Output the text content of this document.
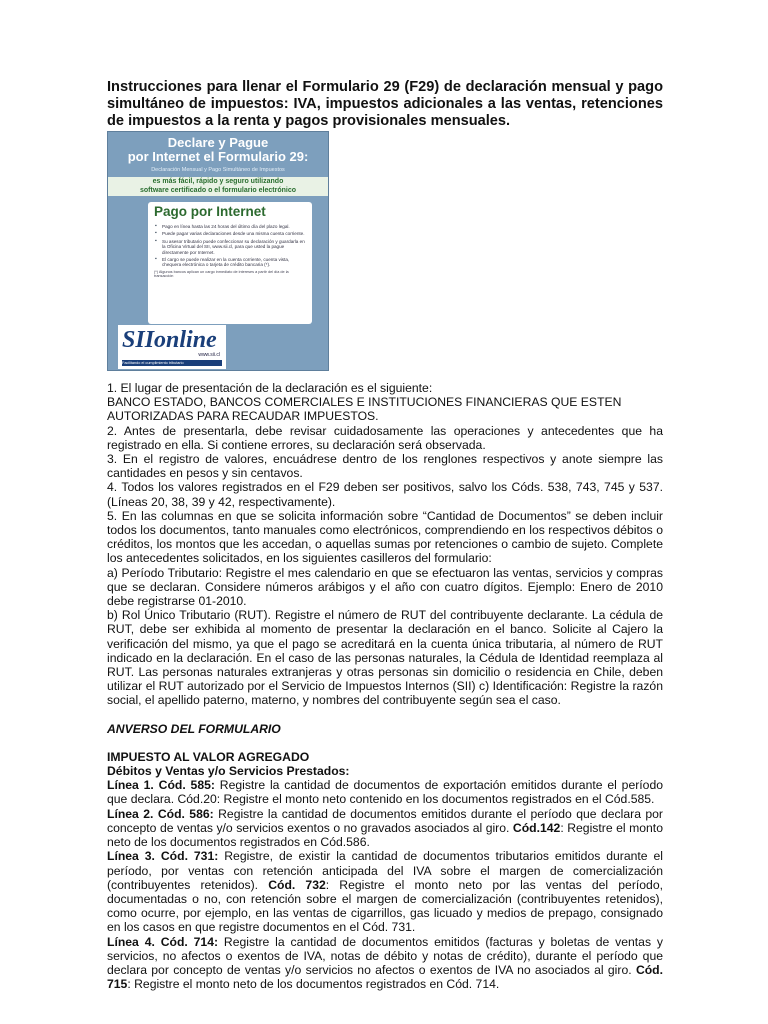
Instrucciones para llenar el Formulario 29 (F29) de declaración mensual y pago simultáneo de impuestos: IVA, impuestos adicionales a las ventas, retenciones de impuestos a la renta y pagos provisionales mensuales.

Declare y Pague
por Internet el Formulario 29:
Declaración Mensual y Pago Simultáneo de Impuestos
es más fácil, rápido y seguro utilizando
software certificado o el formulario electrónico
Pago por Internet
▪ Pago en línea hasta las 24 horas del último día del plazo legal.
▪ Puede pagar varias declaraciones desde una misma cuenta corriente.
▪ Su asesor tributario puede confeccionar su declaración y guardarla en la Oficina Virtual del SII, www.sii.cl, para que usted la pague directamente por Internet.
▪ El cargo se puede realizar en la cuenta corriente, cuenta vista, chequera electrónica o tarjeta de crédito bancaria (*).
(*) Algunos bancos aplican un cargo inmediato de intereses a partir del día de la transacción
SIIonline
www.sii.cl
Facilitando el cumplimiento tributario

1. El lugar de presentación de la declaración es el siguiente:

BANCO ESTADO, BANCOS COMERCIALES E INSTITUCIONES FINANCIERAS QUE ESTEN AUTORIZADAS PARA RECAUDAR IMPUESTOS.

2. Antes de presentarla, debe revisar cuidadosamente las operaciones y antecedentes que ha registrado en ella. Si contiene errores, su declaración será observada.

3. En el registro de valores, encuádrese dentro de los renglones respectivos y anote siempre las cantidades en pesos y sin centavos.

4. Todos los valores registrados en el F29 deben ser positivos, salvo los Códs. 538, 743, 745 y 537. (Líneas 20, 38, 39 y 42, respectivamente).

5. En las columnas en que se solicita información sobre “Cantidad de Documentos” se deben incluir todos los documentos, tanto manuales como electrónicos, comprendiendo en los respectivos débitos o créditos, los montos que les accedan, o aquellas sumas por retenciones o cambio de sujeto. Complete los antecedentes solicitados, en los siguientes casilleros del formulario:

a) Período Tributario: Registre el mes calendario en que se efectuaron las ventas, servicios y compras que se declaran. Considere números arábigos y el año con cuatro dígitos. Ejemplo: Enero de 2010 debe registrarse 01-2010.

b) Rol Único Tributario (RUT). Registre el número de RUT del contribuyente declarante. La cédula de RUT, debe ser exhibida al momento de presentar la declaración en el banco. Solicite al Cajero la verificación del mismo, ya que el pago se acreditará en la cuenta única tributaria, al número de RUT indicado en la declaración. En el caso de las personas naturales, la Cédula de Identidad reemplaza al RUT. Las personas naturales extranjeras y otras personas sin domicilio o residencia en Chile, deben utilizar el RUT autorizado por el Servicio de Impuestos Internos (SII) c) Identificación: Registre la razón social, el apellido paterno, materno, y nombres del contribuyente según sea el caso.

ANVERSO DEL FORMULARIO

IMPUESTO AL VALOR AGREGADO

Débitos y Ventas y/o Servicios Prestados:

Línea 1. Cód. 585: Registre la cantidad de documentos de exportación emitidos durante el período que declara. Cód.20: Registre el monto neto contenido en los documentos registrados en el Cód.585.

Línea 2. Cód. 586: Registre la cantidad de documentos emitidos durante el período que declara por concepto de ventas y/o servicios exentos o no gravados asociados al giro. Cód.142: Registre el monto neto de los documentos registrados en Cód.586.

Línea 3. Cód. 731: Registre, de existir la cantidad de documentos tributarios emitidos durante el período, por ventas con retención anticipada del IVA sobre el margen de comercialización (contribuyentes retenidos). Cód. 732: Registre el monto neto por las ventas del período, documentadas o no, con retención sobre el margen de comercialización (contribuyentes retenidos), como ocurre, por ejemplo, en las ventas de cigarrillos, gas licuado y medios de prepago, consignado en los casos en que registre documentos en el Cód. 731.

Línea 4. Cód. 714: Registre la cantidad de documentos emitidos (facturas y boletas de ventas y servicios, no afectos o exentos de IVA, notas de débito y notas de crédito), durante el período que declara por concepto de ventas y/o servicios no afectos o exentos de IVA no asociados al giro. Cód. 715: Registre el monto neto de los documentos registrados en Cód. 714.
